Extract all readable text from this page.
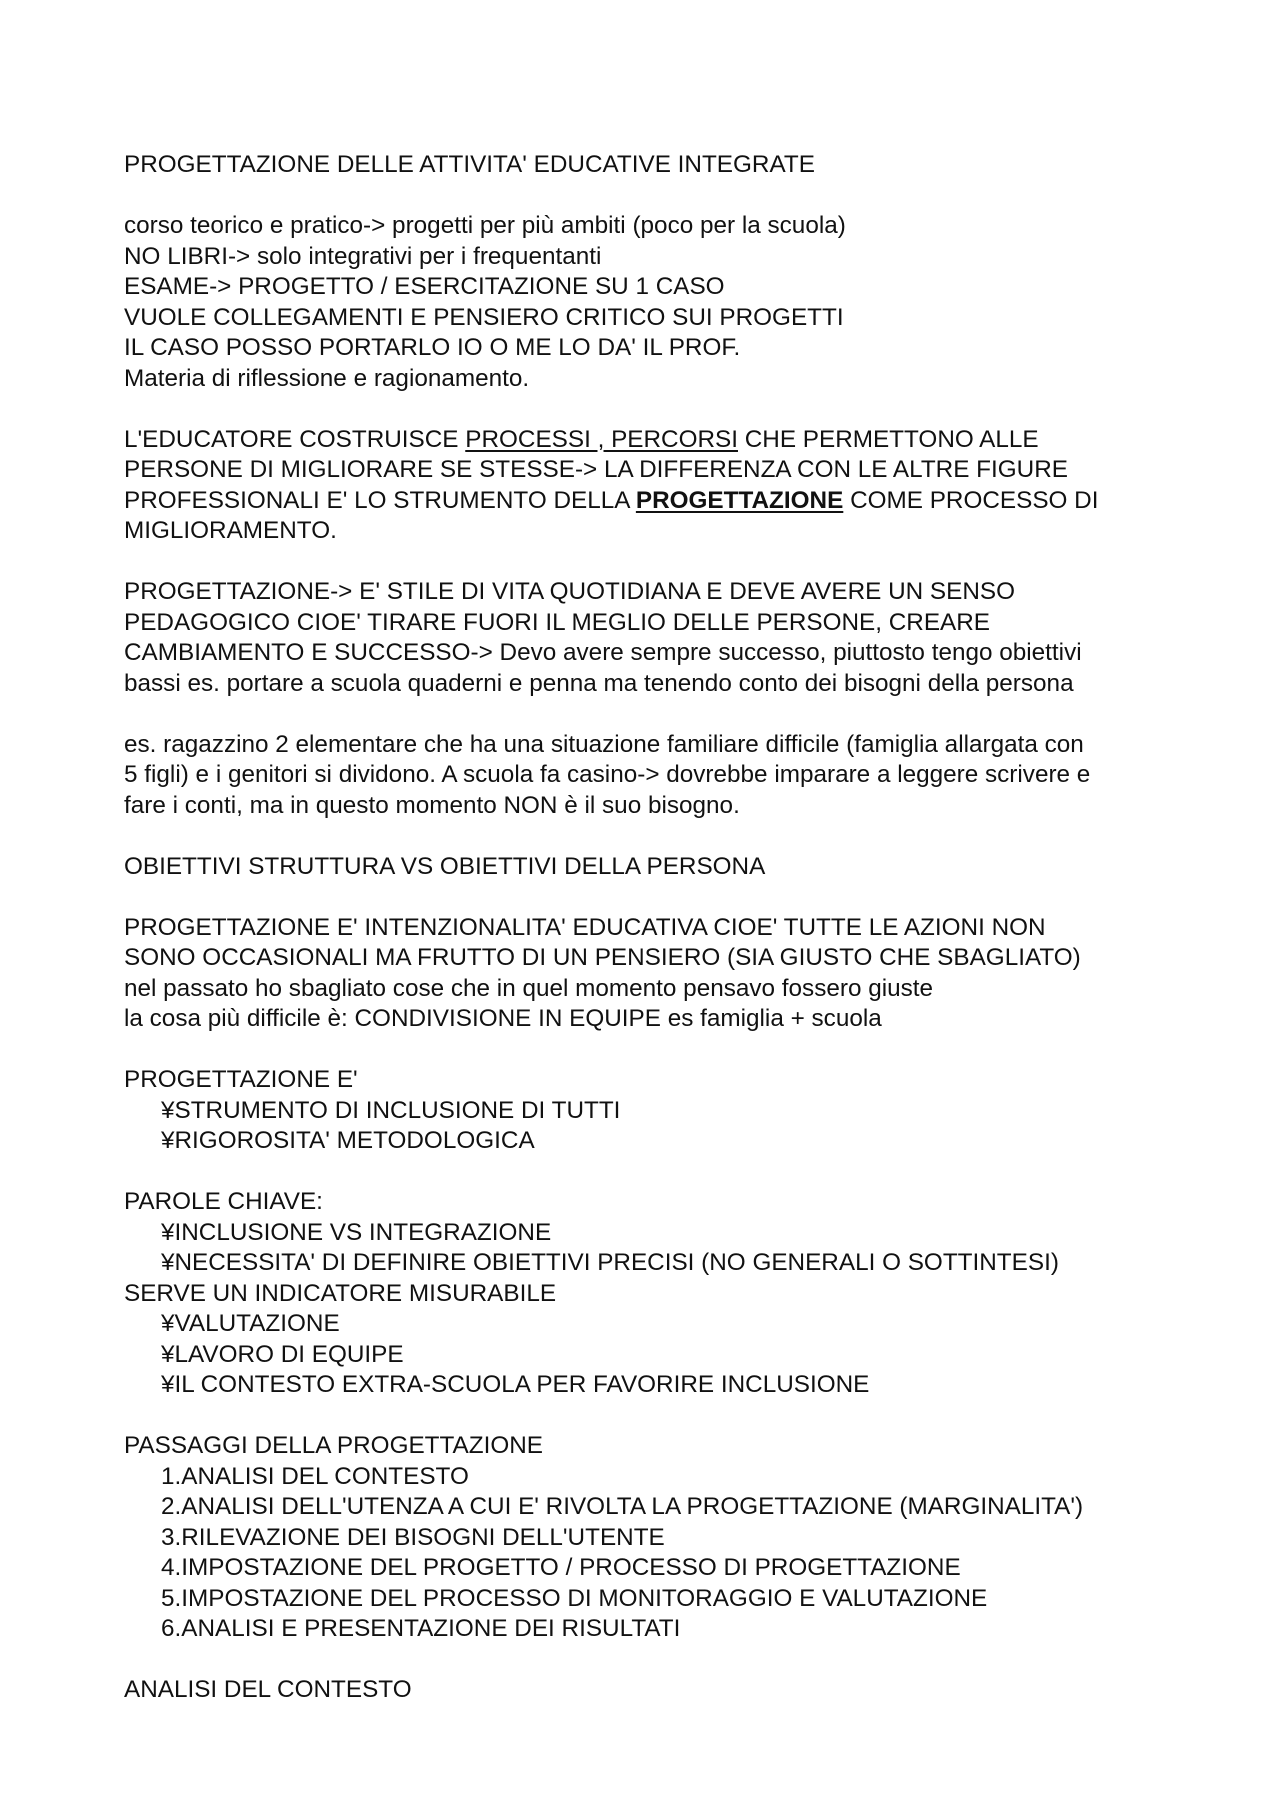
PROGETTAZIONE DELLE ATTIVITA' EDUCATIVE INTEGRATE
corso teorico e pratico-> progetti per più ambiti (poco per la scuola)
NO LIBRI-> solo integrativi per i frequentanti
ESAME-> PROGETTO / ESERCITAZIONE SU 1 CASO
VUOLE COLLEGAMENTI E PENSIERO CRITICO SUI PROGETTI
IL CASO POSSO PORTARLO IO O ME LO DA' IL PROF.
Materia di riflessione e ragionamento.
L'EDUCATORE COSTRUISCE PROCESSI , PERCORSI CHE PERMETTONO ALLE
PERSONE DI MIGLIORARE SE STESSE-> LA DIFFERENZA CON LE ALTRE FIGURE
PROFESSIONALI E' LO STRUMENTO DELLA PROGETTAZIONE COME PROCESSO DI
MIGLIORAMENTO.
PROGETTAZIONE-> E' STILE DI VITA QUOTIDIANA E DEVE AVERE UN SENSO
PEDAGOGICO CIOE' TIRARE FUORI IL MEGLIO DELLE PERSONE, CREARE
CAMBIAMENTO E SUCCESSO-> Devo avere sempre successo, piuttosto tengo obiettivi
bassi es. portare a scuola quaderni e penna ma tenendo conto dei bisogni della persona
es. ragazzino 2 elementare che ha una situazione familiare difficile (famiglia allargata con
5 figli) e i genitori si dividono. A scuola fa casino-> dovrebbe imparare a leggere scrivere e
fare i conti, ma in questo momento NON è il suo bisogno.
OBIETTIVI STRUTTURA VS OBIETTIVI DELLA PERSONA
PROGETTAZIONE E' INTENZIONALITA' EDUCATIVA CIOE' TUTTE LE AZIONI NON
SONO OCCASIONALI MA FRUTTO DI UN PENSIERO (SIA GIUSTO CHE SBAGLIATO)
nel passato ho sbagliato cose che in quel momento pensavo fossero giuste
la cosa più difficile è: CONDIVISIONE IN EQUIPE es famiglia + scuola
PROGETTAZIONE E'
¥STRUMENTO DI INCLUSIONE DI TUTTI
¥RIGOROSITA' METODOLOGICA
PAROLE CHIAVE:
¥INCLUSIONE VS INTEGRAZIONE
¥NECESSITA' DI DEFINIRE OBIETTIVI PRECISI (NO GENERALI O SOTTINTESI)
SERVE UN INDICATORE MISURABILE
¥VALUTAZIONE
¥LAVORO DI EQUIPE
¥IL CONTESTO EXTRA-SCUOLA PER FAVORIRE INCLUSIONE
PASSAGGI DELLA PROGETTAZIONE
1.ANALISI DEL CONTESTO
2.ANALISI DELL'UTENZA A CUI E' RIVOLTA LA PROGETTAZIONE (MARGINALITA')
3.RILEVAZIONE DEI BISOGNI DELL'UTENTE
4.IMPOSTAZIONE DEL PROGETTO / PROCESSO DI PROGETTAZIONE
5.IMPOSTAZIONE DEL PROCESSO DI MONITORAGGIO E VALUTAZIONE
6.ANALISI E PRESENTAZIONE DEI RISULTATI
ANALISI DEL CONTESTO
